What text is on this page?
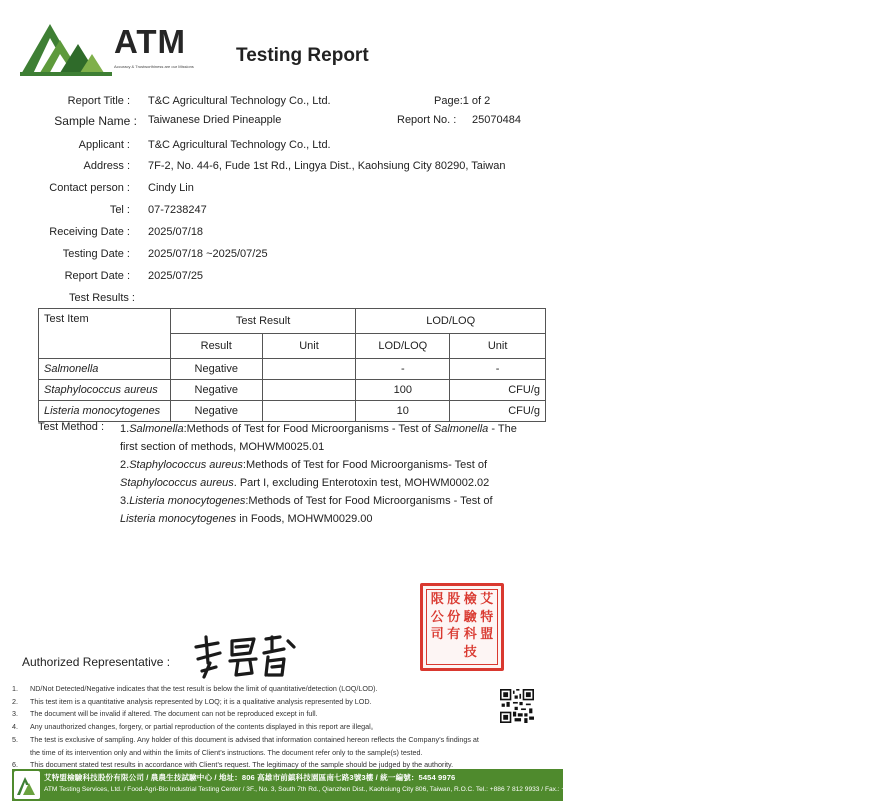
ATM
Accuracy & Trustworthiness are our Missions
Testing Report
Report Title : T&C Agricultural Technology Co., Ltd.	Page:1 of 2
Sample Name : Taiwanese Dried Pineapple	Report No. : 25070484
Applicant : T&C Agricultural Technology Co., Ltd.
Address : 7F-2, No. 44-6, Fude 1st Rd., Lingya Dist., Kaohsiung City 80290, Taiwan
Contact person : Cindy Lin
Tel : 07-7238247
Receiving Date : 2025/07/18
Testing Date : 2025/07/18 ~2025/07/25
Report Date : 2025/07/25
Test Results :
Test Item	Test Result		LOD/LOQ	
	Result	Unit	LOD/LOQ	Unit
Salmonella	Negative		-	-
Staphylococcus aureus	Negative		100	CFU/g
Listeria monocytogenes	Negative		10	CFU/g
Test Method : 1.Salmonella:Methods of Test for Food Microorganisms - Test of Salmonella - The

first section of methods, MOHWM0025.01

2.Staphylococcus aureus:Methods of Test for Food Microorganisms- Test of

Staphylococcus aureus. Part I, excluding Enterotoxin test, MOHWM0002.02

3.Listeria monocytogenes:Methods of Test for Food Microorganisms - Test of

Listeria monocytogenes in Foods, MOHWM0029.00

限 股 檢 艾
公 份 驗 特
司 有 科 盟
技
Authorized Representative :
1.	ND/Not Detected/Negative indicates that the test result is below the limit of quantitative/detection (LOQ/LOD).
2.	This test item is a quantitative analysis represented by LOQ; it is a qualitative analysis represented by LOD.
3.	The document will be invalid if altered. The document can not be reproduced except in full.
4.	Any unauthorized changes, forgery, or partial reproduction of the contents displayed in this report are illegal。
5.	The test is exclusive of sampling. Any holder of this document is advised that information contained hereon reflects the Company’s findings at
the time of its intervention only and within the limits of Client’s instructions. The document refer only to the sample(s) tested.
6.	This document stated test results in accordance with Client’s request. The legitimacy of the sample should be judged by the authority.
艾特盟檢驗科技股份有限公司 / 農農生技試驗中心 / 地址：806 高雄市前鎮科技園區南七路3號3樓 / 統一編號：5454 9976
ATM Testing Services, Ltd. / Food-Agri-Bio Industrial Testing Center / 3F., No. 3, South 7th Rd., Qianzhen Dist., Kaohsiung City 806, Taiwan, R.O.C. Tel.: +886 7 812 9933 / Fax.: +886 7 812 1333 / Email: fab.services@atmlabs.com.tw / Web: www.atmlabs.com.tw / Corp. ID: 5454 9976
